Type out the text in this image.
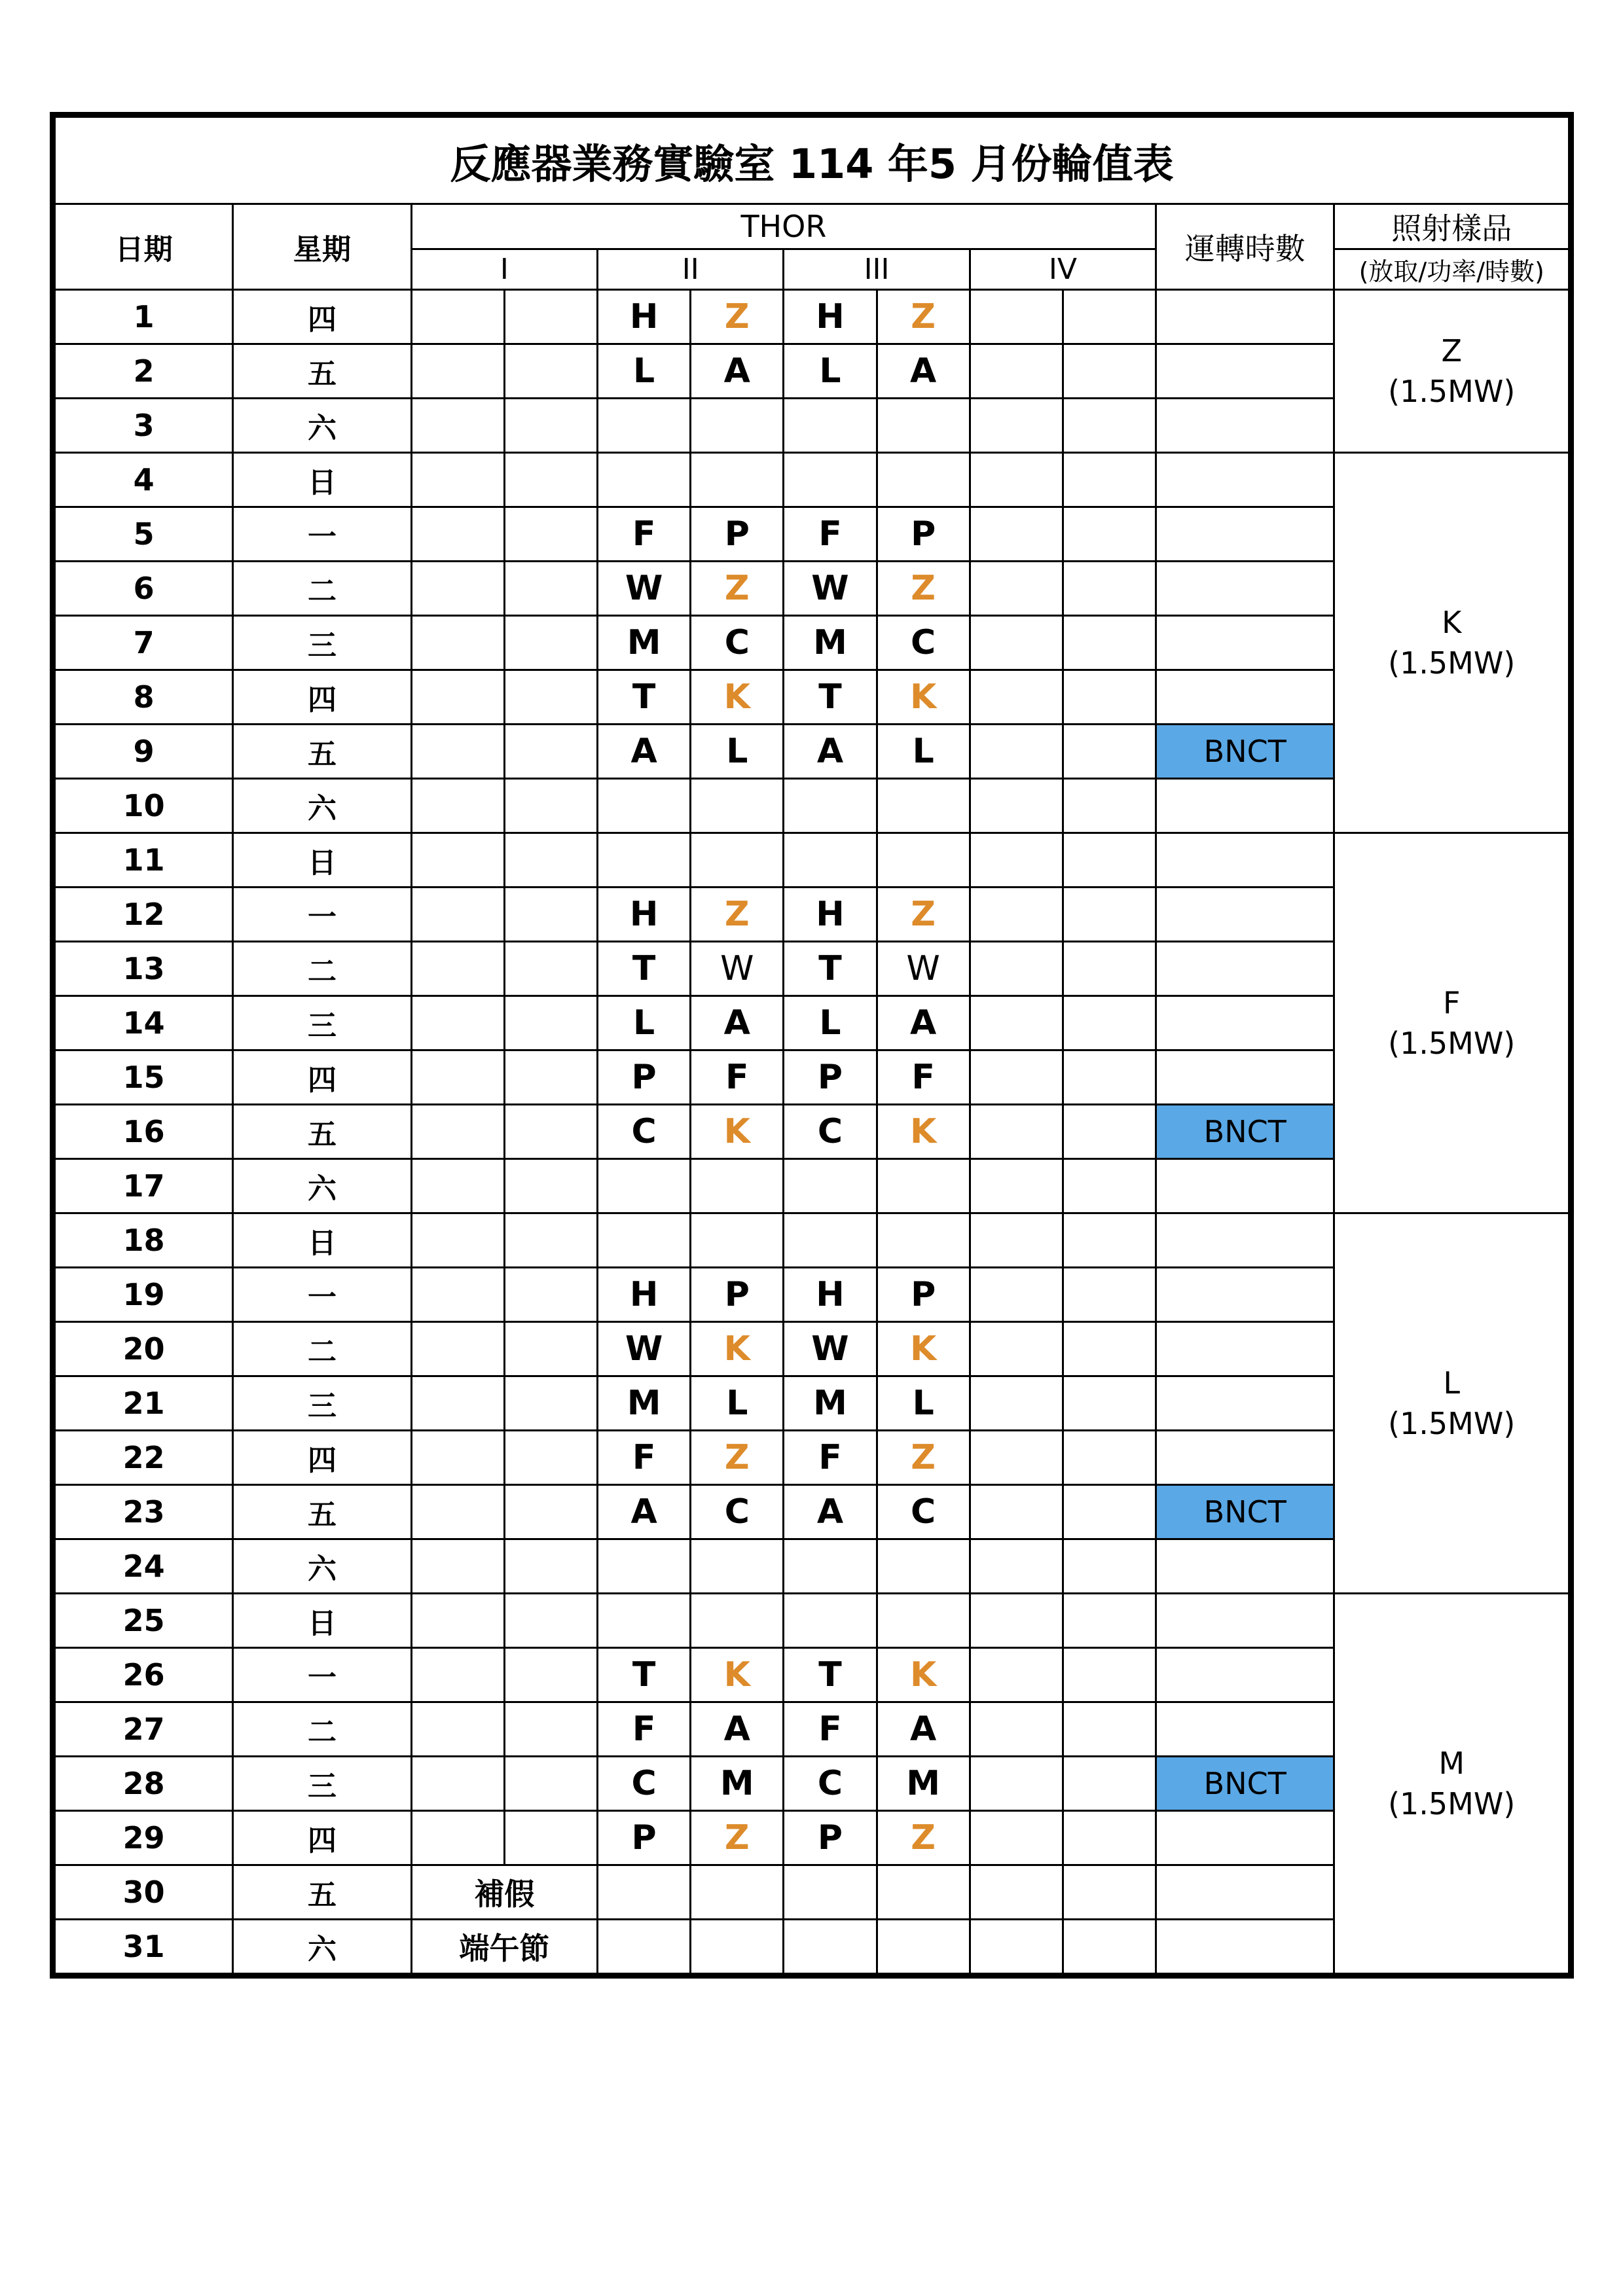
反應器業務實驗室 114 年5 月份輪值表											
日期	星期	THOR								運轉時數	照射樣品
		I		II		III		IV			(放取/功率/時數)
1	四			H	Z	H	Z				Z
(1.5MW)

2	五			L	A	L	A				
3	六										
4	日										K
(1.5MW)

5	一			F	P	F	P				
6	二			W	Z	W	Z				
7	三			M	C	M	C				
8	四			T	K	T	K				
9	五			A	L	A	L			BNCT	
10	六										
11	日										F
(1.5MW)

12	一			H	Z	H	Z				
13	二			T	W	T	W				
14	三			L	A	L	A				
15	四			P	F	P	F				
16	五			C	K	C	K			BNCT	
17	六										
18	日										L
(1.5MW)

19	一			H	P	H	P				
20	二			W	K	W	K				
21	三			M	L	M	L				
22	四			F	Z	F	Z				
23	五			A	C	A	C			BNCT	
24	六										
25	日										M
(1.5MW)

26	一			T	K	T	K				
27	二			F	A	F	A				
28	三			C	M	C	M			BNCT	
29	四			P	Z	P	Z				
30	五	補假									
31	六	端午節									
